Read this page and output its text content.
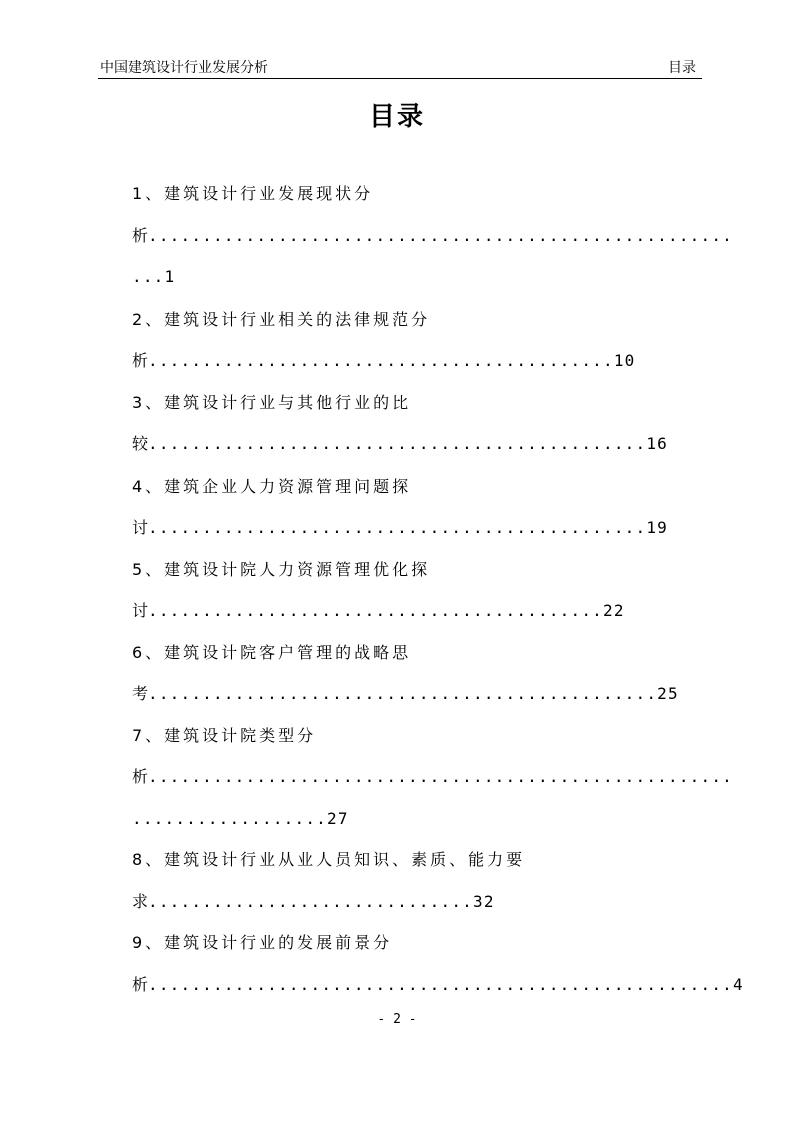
中国建筑设计行业发展分析	目录
目录
1、建筑设计行业发展现状分
析......................................................
...1
2、建筑设计行业相关的法律规范分
析...........................................10
3、建筑设计行业与其他行业的比
较..............................................16
4、建筑企业人力资源管理问题探
讨..............................................19
5、建筑设计院人力资源管理优化探
讨..........................................22
6、建筑设计院客户管理的战略思
考...............................................25
7、建筑设计院类型分
析......................................................
..................27
8、建筑设计行业从业人员知识、素质、能力要
求..............................32
9、建筑设计行业的发展前景分
析......................................................4
- 2 -
